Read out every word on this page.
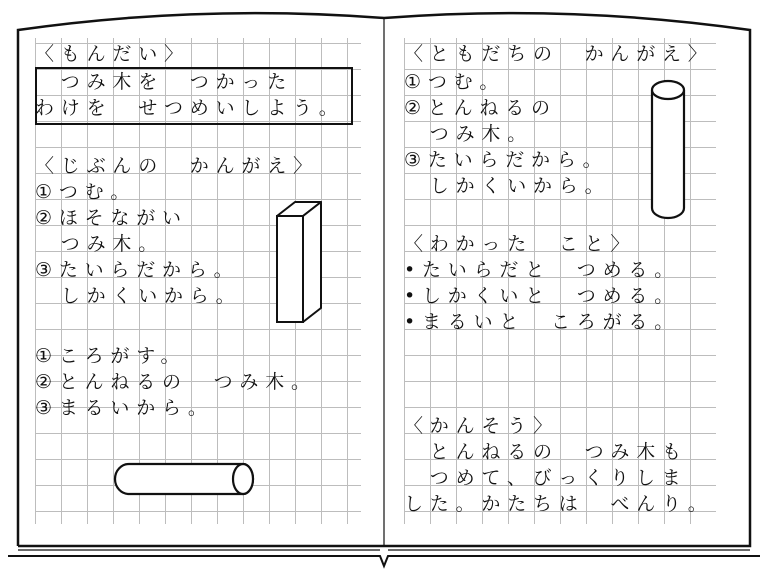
〈もんだい〉
　つみ木を　つかった
わけを　せつめいしよう。
〈じぶんの　かんがえ〉
①つむ。
②ほそながい
　つみ木。
③たいらだから。
　しかくいから。
①ころがす。
②とんねるの　つみ木。
③まるいから。
〈ともだちの　かんがえ〉
①つむ。
②とんねるの
　つみ木。
③たいらだから。
　しかくいから。
〈わかった　こと〉
•たいらだと　つめる。
•しかくいと　つめる。
•まるいと　ころがる。
〈かんそう〉
　とんねるの　つみ木も
　つめて、びっくりしま
した。かたちは　べんり。
